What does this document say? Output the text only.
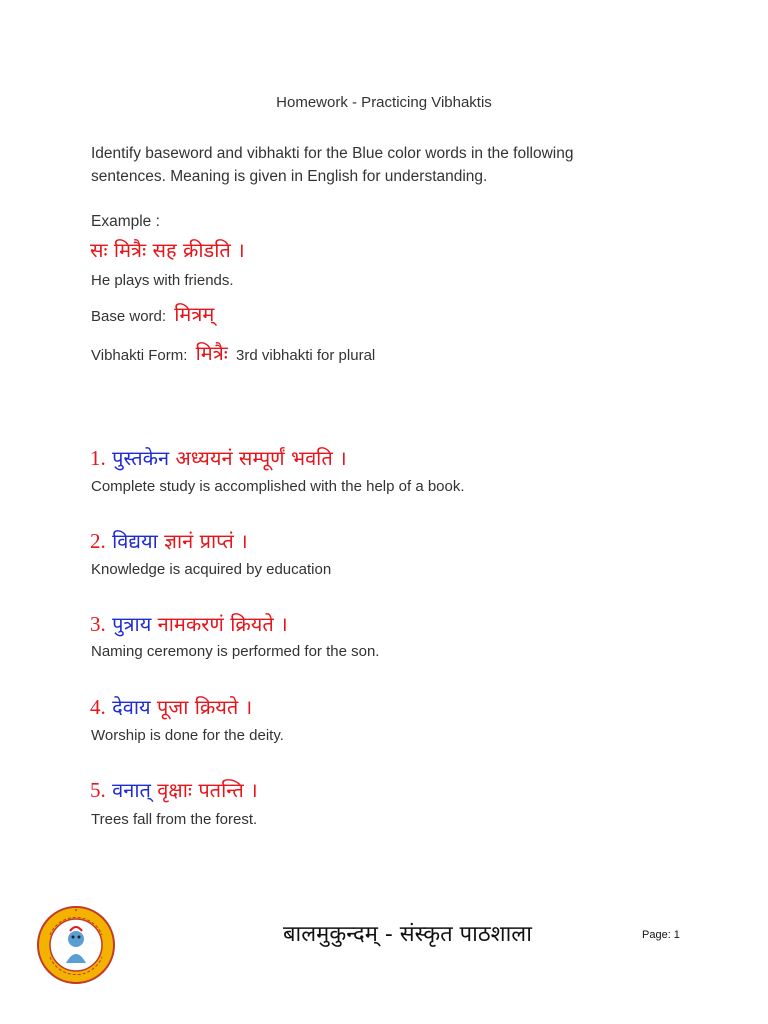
Homework - Practicing Vibhaktis
Identify baseword and vibhakti for the Blue color words in the following sentences. Meaning is given in English for understanding.
Example :
सः मित्रैः सह क्रीडति ।
He plays with friends.
Base word: मित्रम्
Vibhakti Form: मित्रैः 3rd vibhakti for plural
1. पुस्तकेन अध्ययनं सम्पूर्णं भवति ।
Complete study is accomplished with the help of a book.
2. विद्यया ज्ञानं प्राप्तं ।
Knowledge is acquired by education
3. पुत्राय नामकरणं क्रियते ।
Naming ceremony is performed for the son.
4. देवाय पूजा क्रियते ।
Worship is done for the deity.
5. वनात् वृक्षाः पतन्ति ।
Trees fall from the forest.
बालमुकुन्दम् - संस्कृत पाठशाला	Page: 1
